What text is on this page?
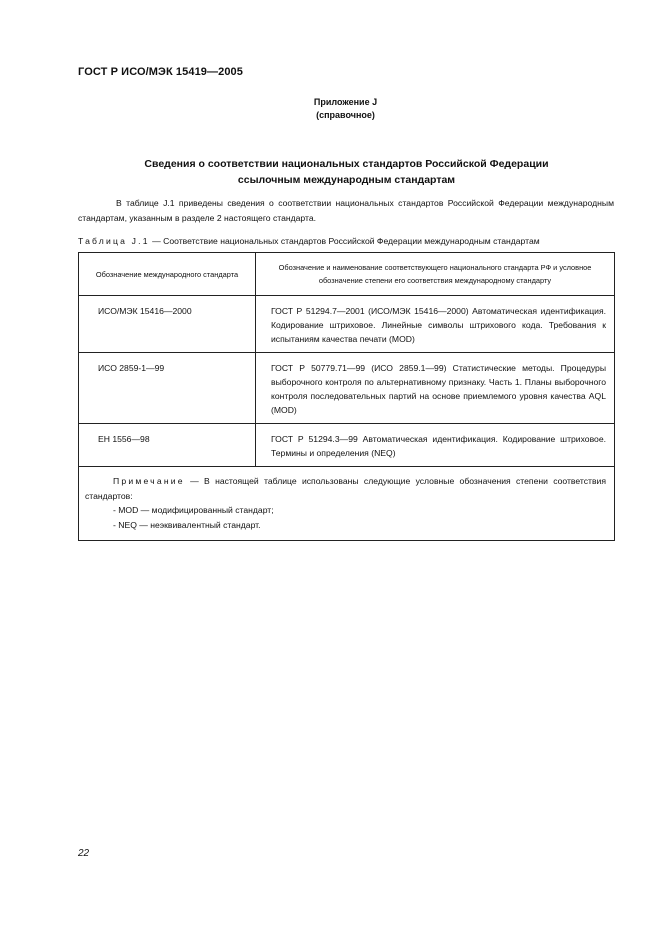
ГОСТ Р ИСО/МЭК 15419—2005
Приложение J
(справочное)
Сведения о соответствии национальных стандартов Российской Федерации
ссылочным международным стандартам

В таблице J.1 приведены сведения о соответствии национальных стандартов Российской Федерации международным стандартам, указанным в разделе 2 настоящего стандарта.

Таблица J.1 — Соответствие национальных стандартов Российской Федерации международным стандартам
Обозначение международного стандарта	Обозначение и наименование соответствующего национального стандарта РФ и условное обозначение степени его соответствия международному стандарту
ИСО/МЭК 15416—2000	ГОСТ Р 51294.7—2001 (ИСО/МЭК 15416—2000) Автоматическая идентификация. Кодирование штриховое. Линейные символы штрихового кода. Требования к испытаниям качества печати (MOD)
ИСО 2859-1—99	ГОСТ Р 50779.71—99 (ИСО 2859.1—99) Статистические методы. Процедуры выборочного контроля по альтернативному признаку. Часть 1. Планы выборочного контроля последовательных партий на основе приемлемого уровня качества AQL (MOD)
ЕН 1556—98	ГОСТ Р 51294.3—99 Автоматическая идентификация. Кодирование штриховое. Термины и определения (NEQ)

Примечание — В настоящей таблице использованы следующие условные обозначения степени соответствия стандартов:
- MOD — модифицированный стандарт;
- NEQ — неэквивалентный стандарт.	
22
